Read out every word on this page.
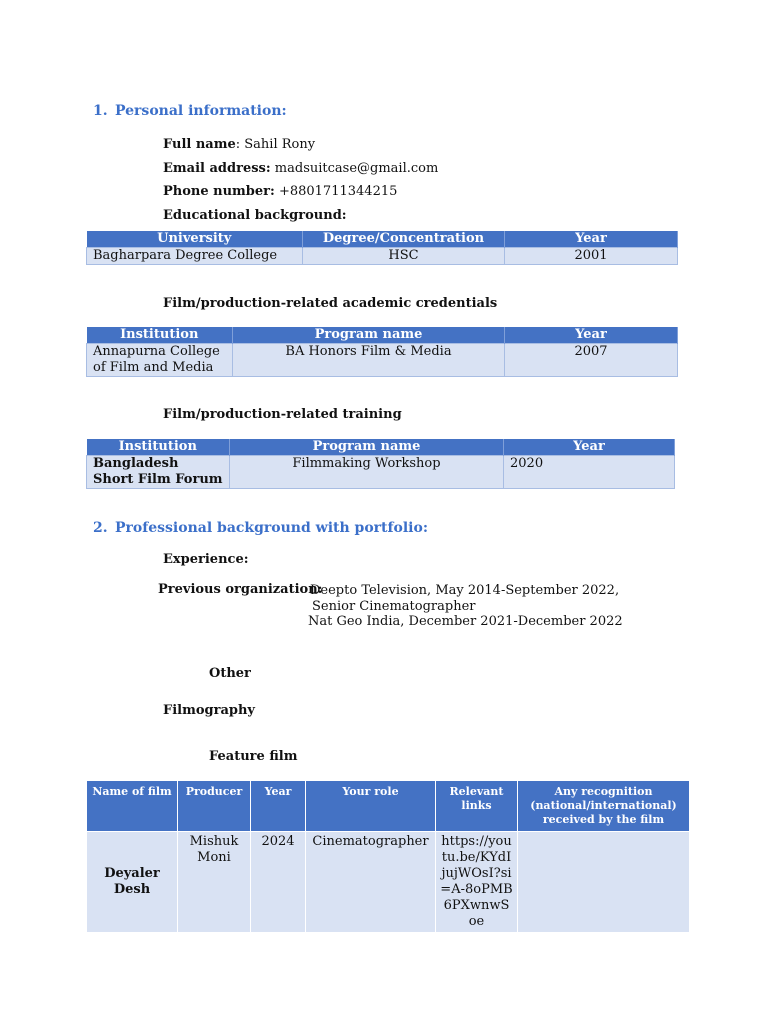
1. Personal information:
Full name: Sahil Rony
Email address: madsuitcase@gmail.com
Phone number: +8801711344215
Educational background:
University	Degree/Concentration	Year
Bagharpara Degree College	HSC	2001
Film/production-related academic credentials
Institution	Program name	Year
Annapurna College of Film and Media	BA Honors Film & Media	2007
Film/production-related training
Institution	Program name	Year
Bangladesh Short Film Forum	Filmmaking Workshop	2020
2. Professional background with portfolio:
Experience:
Previous organization:
Deepto Television, May 2014-September 2022,
Senior Cinematographer
Nat Geo India, December 2021-December 2022
Other
Filmography
Feature film
Name of film	Producer	Year	Your role	Relevant links	Any recognition (national/international) received by the film
Deyaler Desh	Mishuk Moni	2024	Cinematographer	https://youtu.be/KYdIjujWOsI?si=A-8oPMB6PXwnwSoe	
